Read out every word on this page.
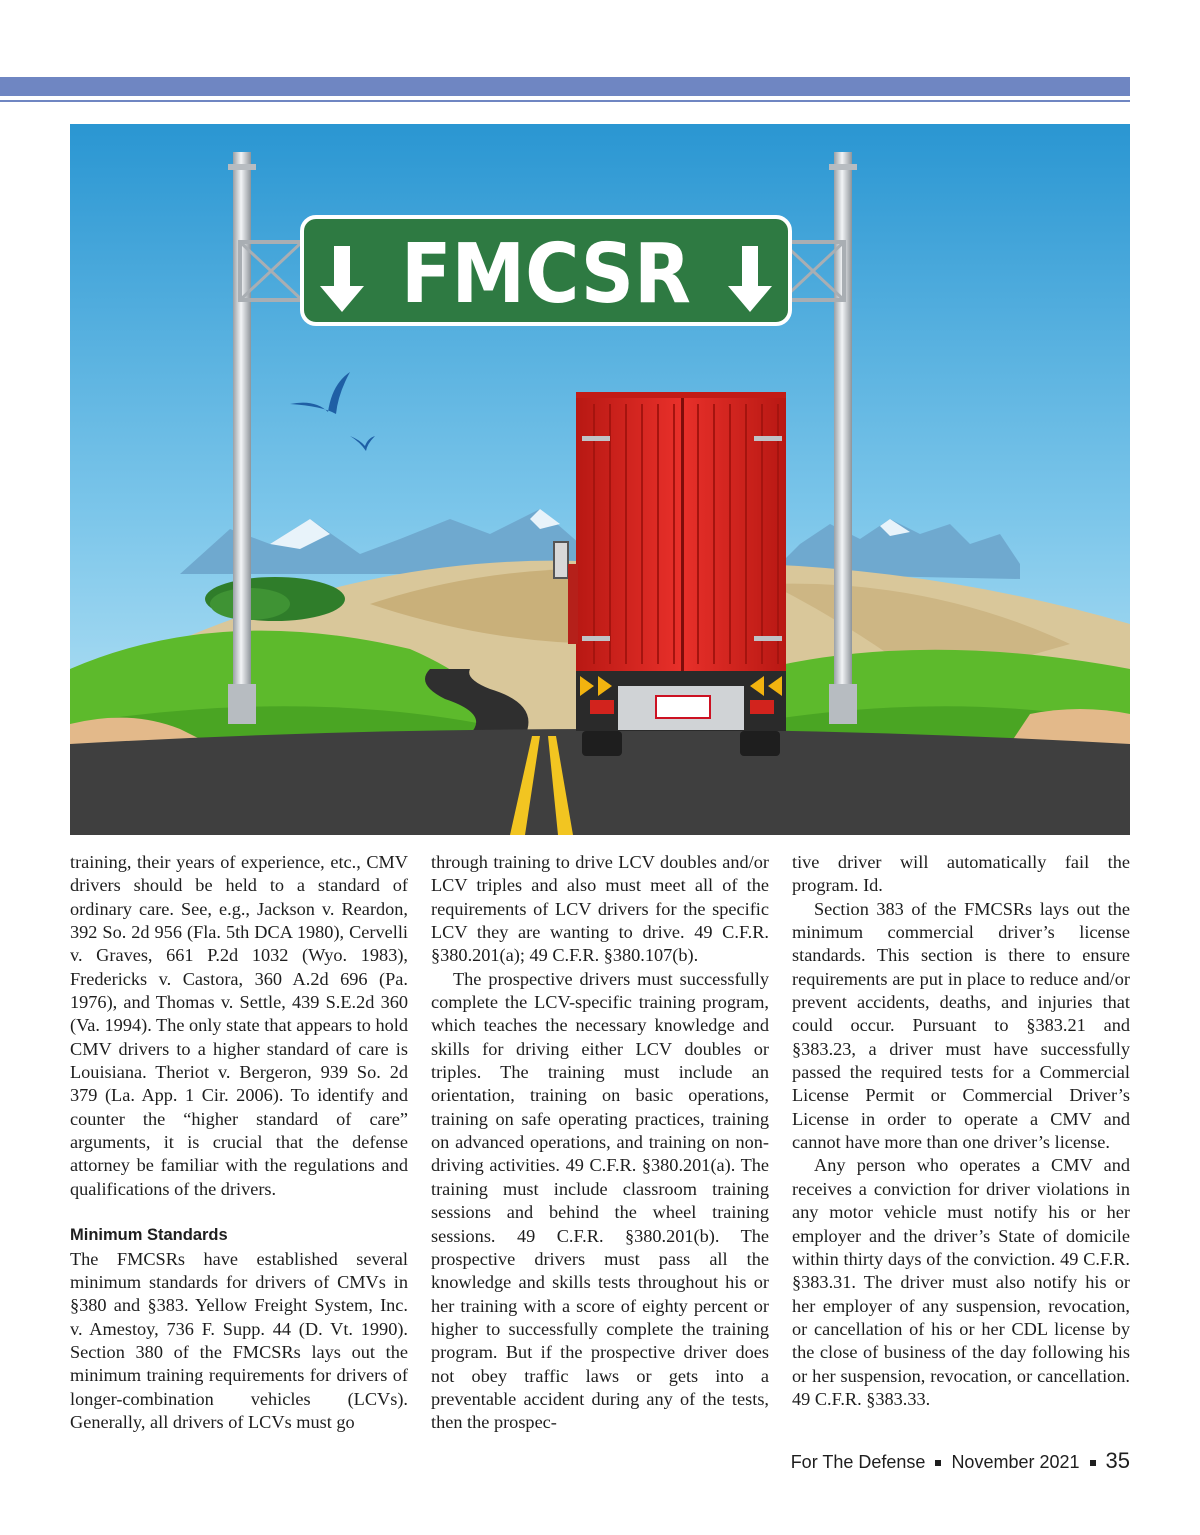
FMCSR

training, their years of experience, etc., CMV drivers should be held to a standard of ordinary care. See, e.g., Jackson v. Reardon, 392 So. 2d 956 (Fla. 5th DCA 1980), Cervelli v. Graves, 661 P.2d 1032 (Wyo. 1983), Fredericks v. Castora, 360 A.2d 696 (Pa. 1976), and Thomas v. Settle, 439 S.E.2d 360 (Va. 1994). The only state that appears to hold CMV drivers to a higher standard of care is Louisiana. Theriot v. Bergeron, 939 So. 2d 379 (La. App. 1 Cir. 2006). To identify and counter the “higher standard of care” arguments, it is crucial that the defense attorney be familiar with the regulations and qualifications of the drivers.

Minimum Standards

The FMCSRs have established several minimum standards for drivers of CMVs in §380 and §383. Yellow Freight System, Inc. v. Amestoy, 736 F. Supp. 44 (D. Vt. 1990). Section 380 of the FMCSRs lays out the minimum training requirements for drivers of longer-combination vehicles (LCVs). Generally, all drivers of LCVs must go

through training to drive LCV doubles and/or LCV triples and also must meet all of the requirements of LCV drivers for the specific LCV they are wanting to drive. 49 C.F.R. §380.201(a); 49 C.F.R. §380.107(b).

The prospective drivers must successfully complete the LCV-specific training program, which teaches the necessary knowledge and skills for driving either LCV doubles or triples. The training must include an orientation, training on basic operations, training on safe operating practices, training on advanced operations, and training on non-driving activities. 49 C.F.R. §380.201(a). The training must include classroom training sessions and behind the wheel training sessions. 49 C.F.R. §380.201(b). The prospective drivers must pass all the knowledge and skills tests throughout his or her training with a score of eighty percent or higher to successfully complete the training program. But if the prospective driver does not obey traffic laws or gets into a preventable accident during any of the tests, then the prospec-

tive driver will automatically fail the program. Id.

Section 383 of the FMCSRs lays out the minimum commercial driver’s license standards. This section is there to ensure requirements are put in place to reduce and/or prevent accidents, deaths, and injuries that could occur. Pursuant to §383.21 and §383.23, a driver must have successfully passed the required tests for a Commercial License Permit or Commercial Driver’s License in order to operate a CMV and cannot have more than one driver’s license.

Any person who operates a CMV and receives a conviction for driver violations in any motor vehicle must notify his or her employer and the driver’s State of domicile within thirty days of the conviction. 49 C.F.R. §383.31. The driver must also notify his or her employer of any suspension, revocation, or cancellation of his or her CDL license by the close of business of the day following his or her suspension, revocation, or cancellation. 49 C.F.R. §383.33.

For The Defense November 2021 35
